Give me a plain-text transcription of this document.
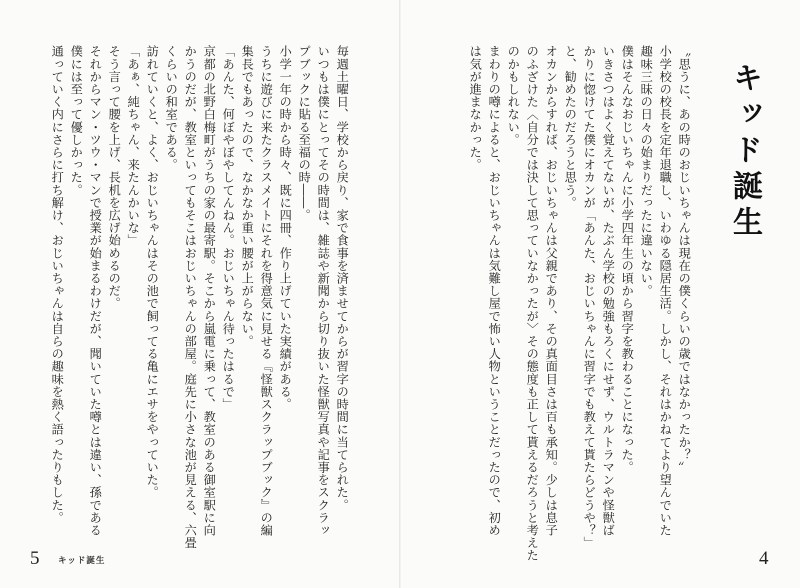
キッド誕生
〝思うに、あの時のおじいちゃんは現在の僕くらいの歳ではなかったか？〟
小学校の校長を定年退職し、いわゆる隠居生活。しかし、それはかねてより望んでいた
趣味三昧の日々の始まりだったに違いない。
僕はそんなおじいちゃんに小学四年生の頃から習字を教わることになった。
いきさつはよく覚えてないが、たぶん学校の勉強もろくにせず、ウルトラマンや怪獣ば
かりに惚けてた僕にオカンが「あんた、おじいちゃんに習字でも教えて貰たらどうや？」
と、勧めたのだろうと思う。
オカンからすれば、おじいちゃんは父親であり、その真面目さは百も承知。少しは息子
のふざけた〈自分では決して思っていなかったが〉その態度も正して貰えるだろうと考えた
のかもしれない。
まわりの噂によると、おじいちゃんは気難し屋で怖い人物ということだったので、初め
は気が進まなかった。
毎週土曜日、学校から戻り、家で食事を済ませてからが習字の時間に当てられた。
いつもは僕にとってその時間は、雑誌や新聞から切り抜いた怪獣写真や記事をスクラッ
プブックに貼る至福の時――。
小学一年の時から時々、既に四冊、作り上げていた実績がある。
うちに遊びに来たクラスメイトにそれを得意気に見せる『怪獣スクラップブック』の編
集長でもあったので、なかなか重い腰が上がらない。
「あんた、何ぼやぼやしてんねん。おじいちゃん待ったはるで」
京都の北野白梅町がうちの家の最寄駅。そこから嵐電に乗って、教室のある御室駅に向
かうのだが、教室といってもそこはおじいちゃんの部屋。庭先に小さな池が見える、六畳
くらいの和室である。
訪れていくと、よく、おじいちゃんはその池で飼ってる亀にエサをやっていた。
「あぁ、純ちゃん、来たんかいな」
そう言って腰を上げ、長机を広げ始めるのだ。
それからマン・ツウ・マンで授業が始まるわけだが、聞いていた噂とは違い、孫である
僕には至って優しかった。
通っていく内にさらに打ち解け、おじいちゃんは自らの趣味を熱く語ったりもした。
5 キッド誕生	4
